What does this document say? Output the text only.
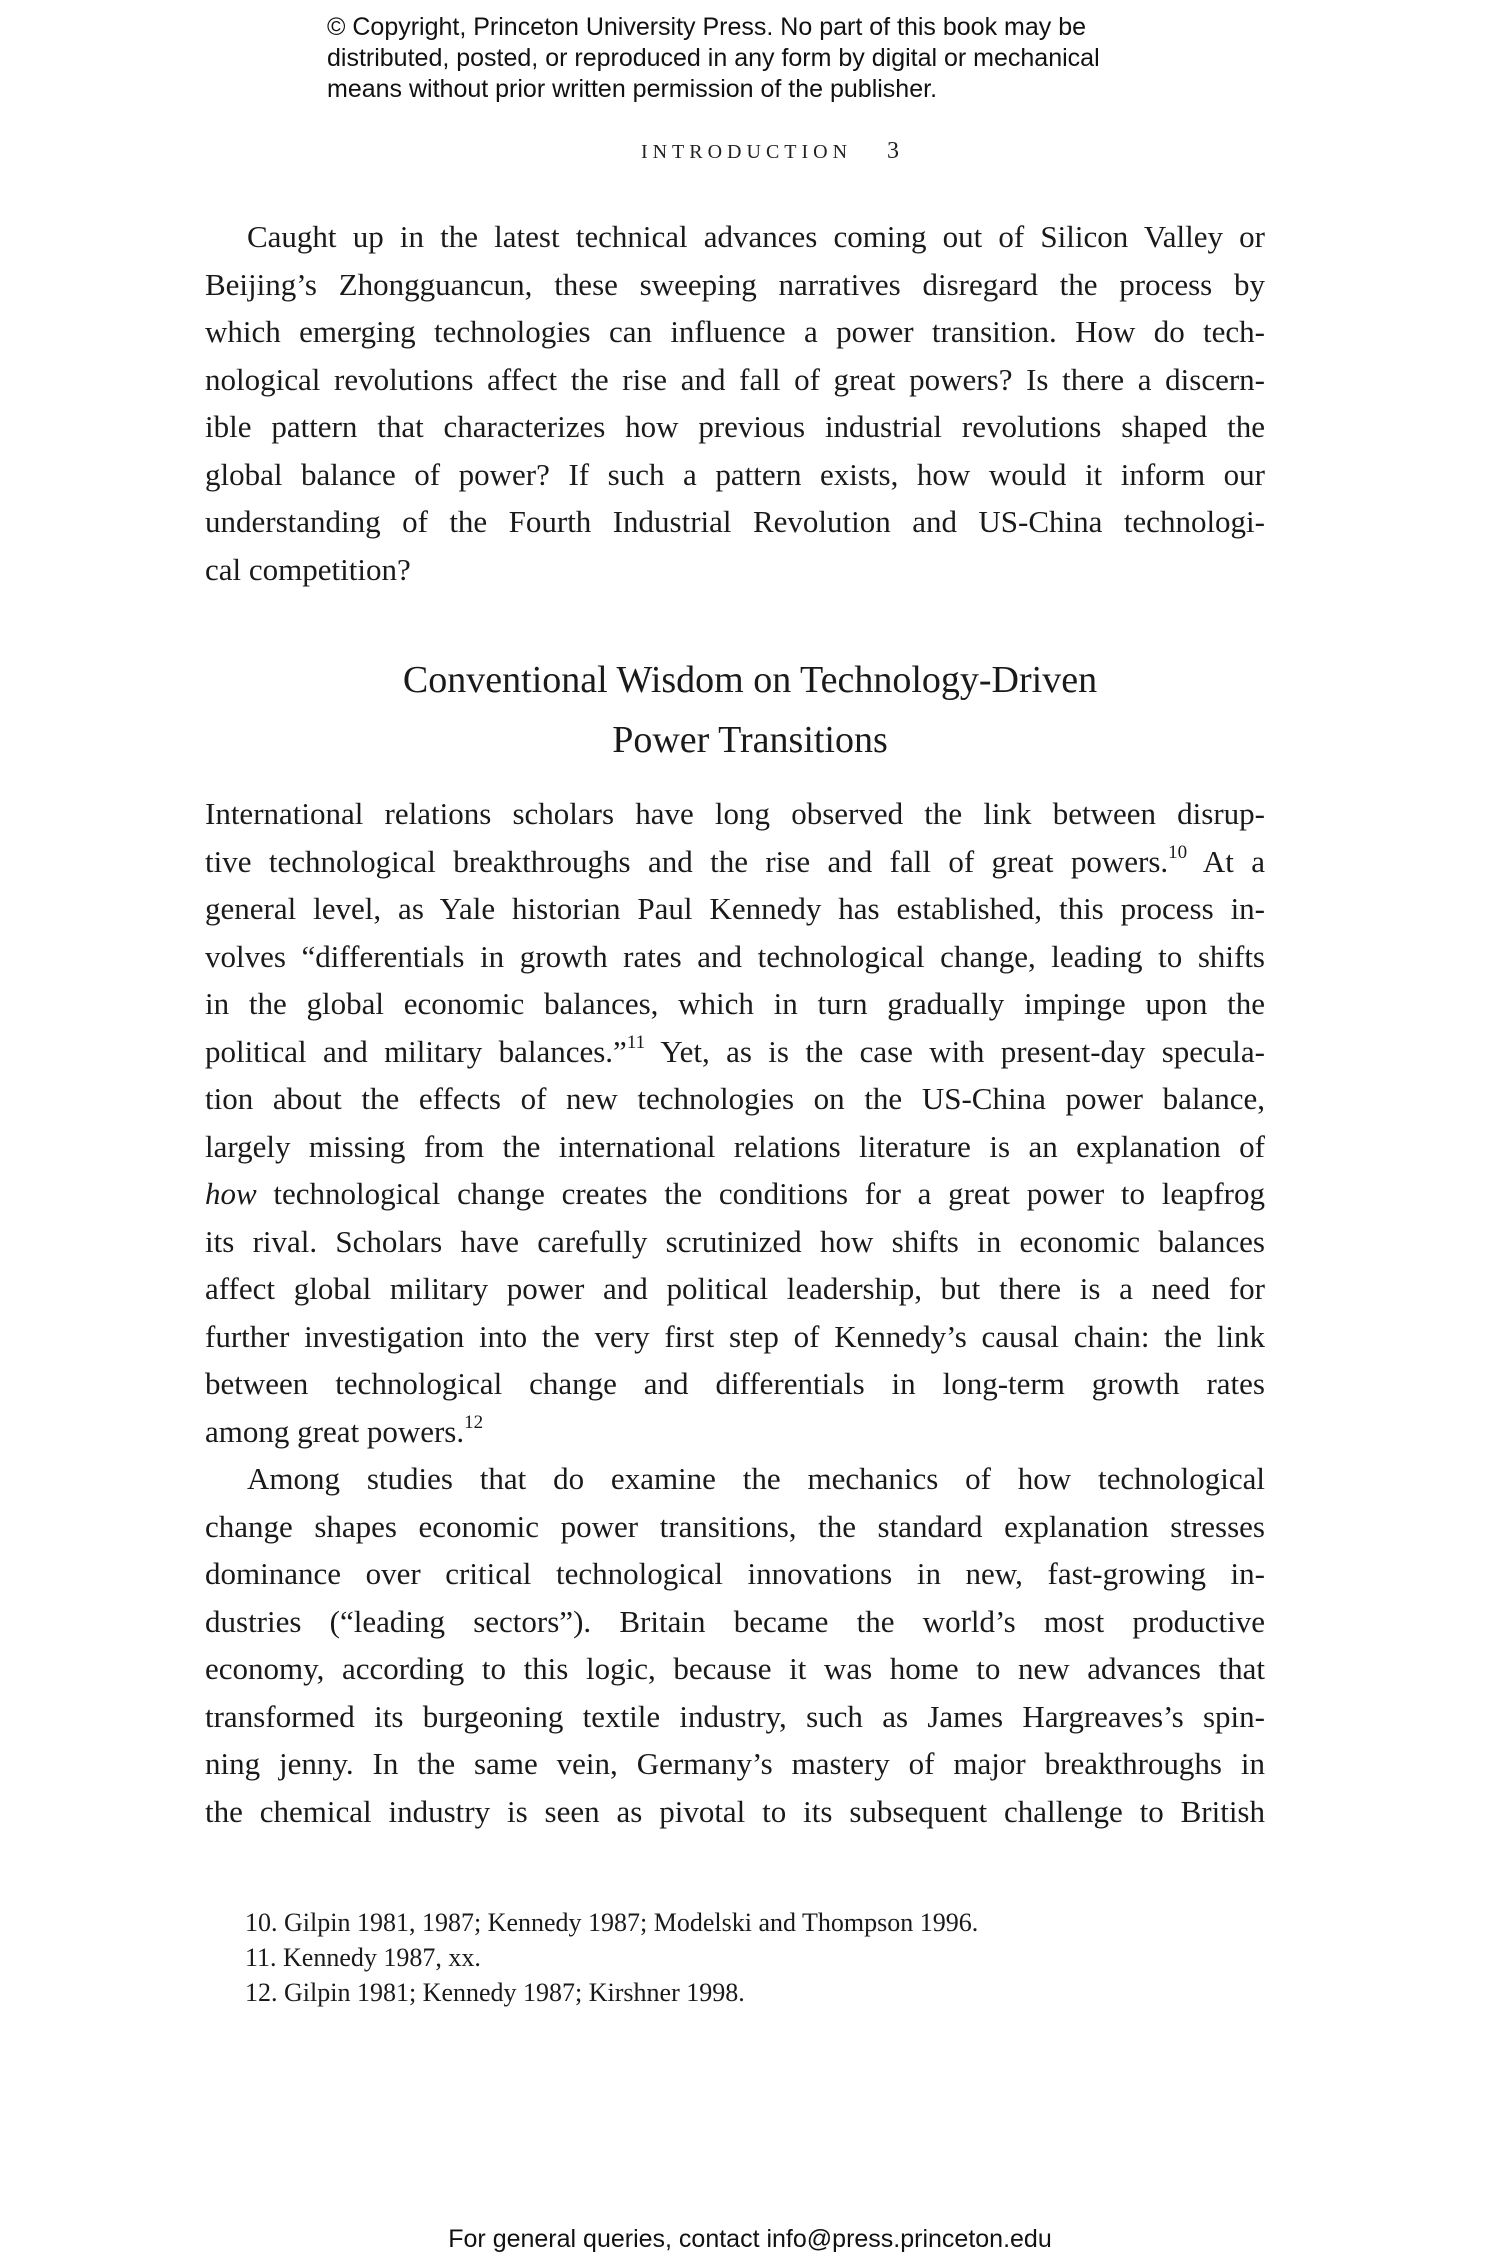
© Copyright, Princeton University Press. No part of this book may be
distributed, posted, or reproduced in any form by digital or mechanical
means without prior written permission of the publisher.
INTRODUCTION 3
Caught up in the latest technical advances coming out of Silicon Valley or
Beijing’s Zhongguancun, these sweeping narratives disregard the process by
which emerging technologies can influence a power transition. How do tech-
nological revolutions affect the rise and fall of great powers? Is there a discern-
ible pattern that characterizes how previous industrial revolutions shaped the
global balance of power? If such a pattern exists, how would it inform our
understanding of the Fourth Industrial Revolution and US-China technologi-
cal competition?
Conventional Wisdom on Technology-Driven
Power Transitions
International relations scholars have long observed the link between disrup-
tive technological breakthroughs and the rise and fall of great powers.$^{10}$ At a
general level, as Yale historian Paul Kennedy has established, this process in-
volves “differentials in growth rates and technological change, leading to shifts
in the global economic balances, which in turn gradually impinge upon the
political and military balances.”$^{11}$ Yet, as is the case with present-day specula-
tion about the effects of new technologies on the US-China power balance,
largely missing from the international relations literature is an explanation of
how technological change creates the conditions for a great power to leapfrog
its rival. Scholars have carefully scrutinized how shifts in economic balances
affect global military power and political leadership, but there is a need for
further investigation into the very first step of Kennedy’s causal chain: the link
between technological change and differentials in long-term growth rates
among great powers.$^{12}$
Among studies that do examine the mechanics of how technological
change shapes economic power transitions, the standard explanation stresses
dominance over critical technological innovations in new, fast-growing in-
dustries (“leading sectors”). Britain became the world’s most productive
economy, according to this logic, because it was home to new advances that
transformed its burgeoning textile industry, such as James Hargreaves’s spin-
ning jenny. In the same vein, Germany’s mastery of major breakthroughs in
the chemical industry is seen as pivotal to its subsequent challenge to British
10. Gilpin 1981, 1987; Kennedy 1987; Modelski and Thompson 1996.
11. Kennedy 1987, xx.
12. Gilpin 1981; Kennedy 1987; Kirshner 1998.
For general queries, contact info@press.princeton.edu
